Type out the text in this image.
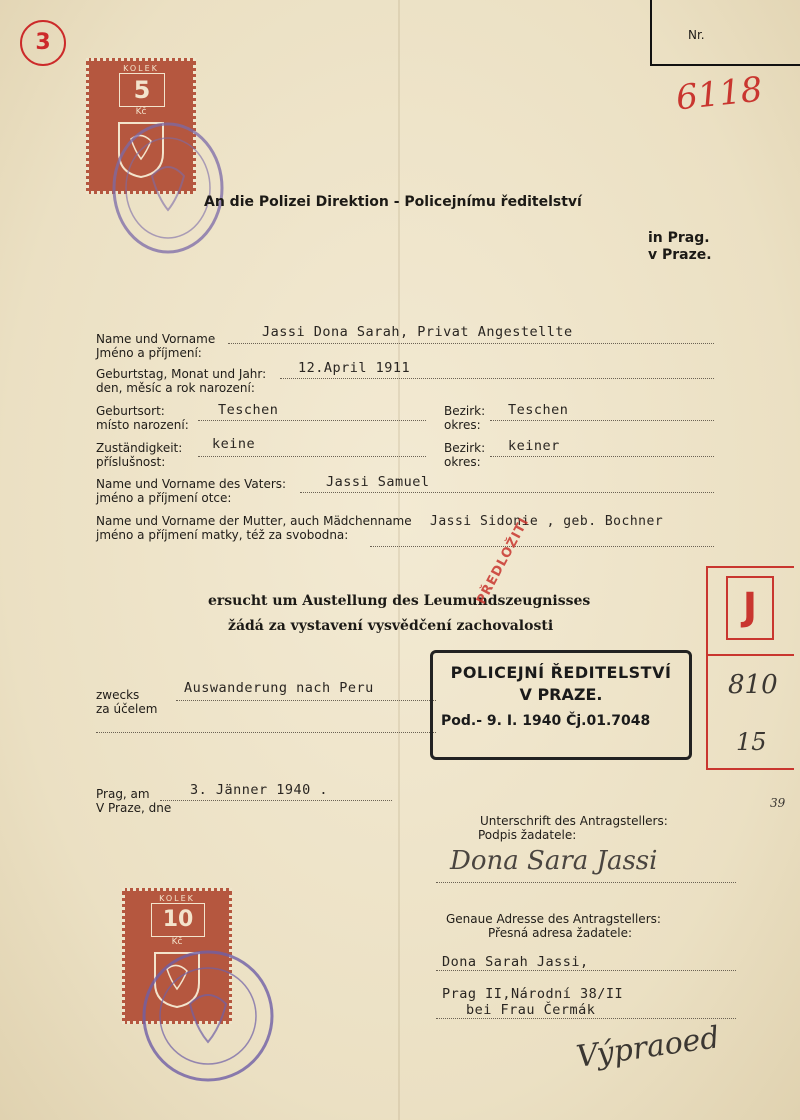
3	Nr.
6118
KOLEK
5
Kč
An die Polizei Direktion - Policejnímu ředitelství
in Prag.
v Praze.
Name und Vorname
Jméno a příjmení:
Jassi Dona Sarah, Privat Angestellte
Geburtstag, Monat und Jahr:
den, měsíc a rok narození:
12.April 1911
Geburtsort:
místo narození:
Teschen	Bezirk:
okres:
Teschen
Zuständigkeit:
příslušnost:
keine	Bezirk:
okres:
keiner
Name und Vorname des Vaters:
jméno a příjmení otce:
Jassi Samuel
Name und Vorname der Mutter, auch Mädchenname
jméno a příjmení matky, též za svobodna:
Jassi Sidonie , geb. Bochner
ersucht um Austellung des Leumundszeugnisses
žádá za vystavení vysvědčení zachovalosti
PŘEDLOŽITI
zwecks
za účelem
Auswanderung nach Peru
POLICEJNÍ ŘEDITELSTVÍ
V PRAZE.
Pod.- 9. I. 1940 Čj.01.7048
J
810
15
39
Prag, am
V Praze, dne
3. Jänner 1940 .
Unterschrift des Antragstellers:
Podpis žadatele:
Dona Sara Jassi
Genaue Adresse des Antragstellers:
Přesná adresa žadatele:
Dona Sarah Jassi,
Prag II,Národní 38/II
bei Frau Čermák
Výpraoed
KOLEK
10
Kč
